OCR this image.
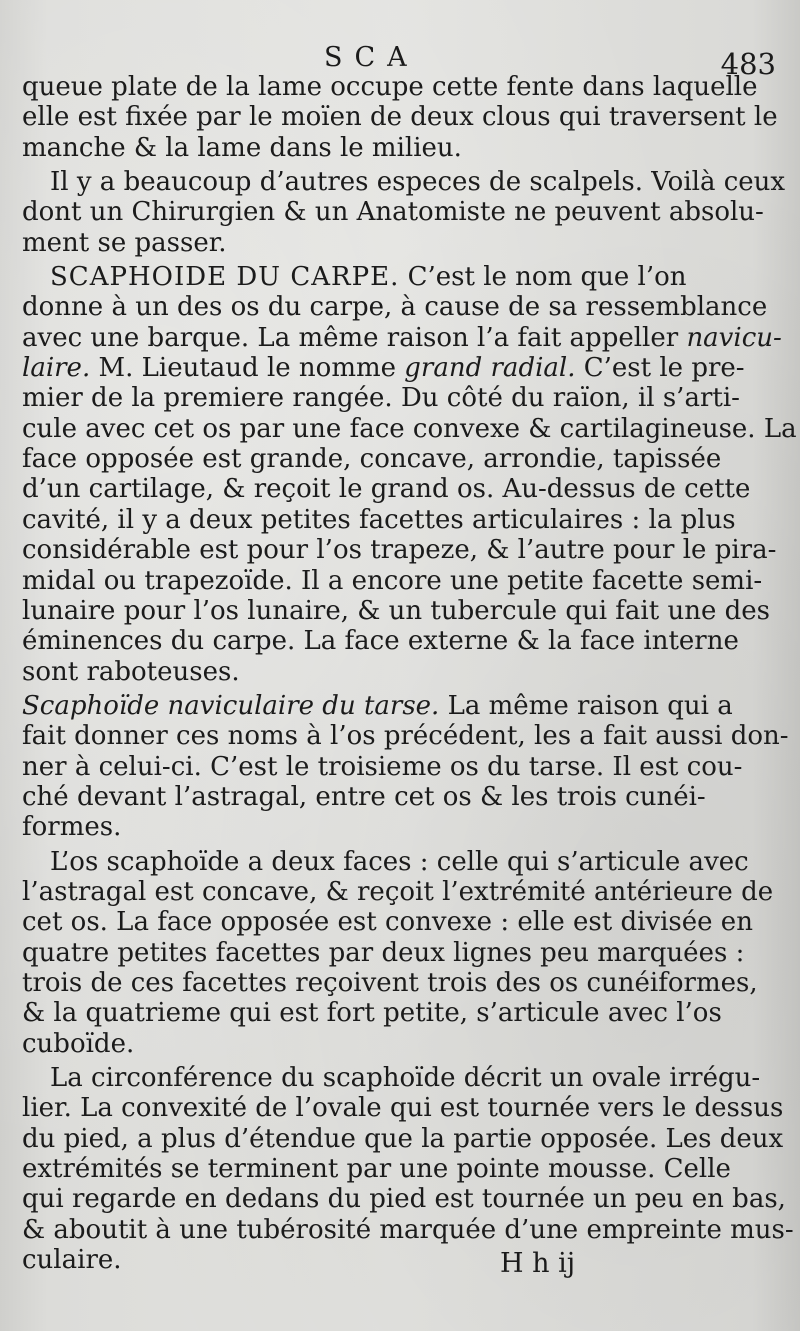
SCA	483
queue plate de la lame occupe cette fente dans laquelle
elle est fixée par le moïen de deux clous qui traversent le
manche & la lame dans le milieu.
Il y a beaucoup d’autres especes de scalpels. Voilà ceux
dont un Chirurgien & un Anatomiste ne peuvent absolu-
ment se passer.
SCAPHOIDE DU CARPE. C’est le nom que l’on
donne à un des os du carpe, à cause de sa ressemblance
avec une barque. La même raison l’a fait appeller navicu-
laire. M. Lieutaud le nomme grand radial. C’est le pre-
mier de la premiere rangée. Du côté du raïon, il s’arti-
cule avec cet os par une face convexe & cartilagineuse. La
face opposée est grande, concave, arrondie, tapissée
d’un cartilage, & reçoit le grand os. Au-dessus de cette
cavité, il y a deux petites facettes articulaires : la plus
considérable est pour l’os trapeze, & l’autre pour le pira-
midal ou trapezoïde. Il a encore une petite facette semi-
lunaire pour l’os lunaire, & un tubercule qui fait une des
éminences du carpe. La face externe & la face interne
sont raboteuses.
Scaphoïde naviculaire du tarse. La même raison qui a
fait donner ces noms à l’os précédent, les a fait aussi don-
ner à celui-ci. C’est le troisieme os du tarse. Il est cou-
ché devant l’astragal, entre cet os & les trois cunéi-
formes.
L’os scaphoïde a deux faces : celle qui s’articule avec
l’astragal est concave, & reçoit l’extrémité antérieure de
cet os. La face opposée est convexe : elle est divisée en
quatre petites facettes par deux lignes peu marquées :
trois de ces facettes reçoivent trois des os cunéiformes,
& la quatrieme qui est fort petite, s’articule avec l’os
cuboïde.
La circonférence du scaphoïde décrit un ovale irrégu-
lier. La convexité de l’ovale qui est tournée vers le dessus
du pied, a plus d’étendue que la partie opposée. Les deux
extrémités se terminent par une pointe mousse. Celle
qui regarde en dedans du pied est tournée un peu en bas,
& aboutit à une tubérosité marquée d’une empreinte mus-
culaire.	H h ij
